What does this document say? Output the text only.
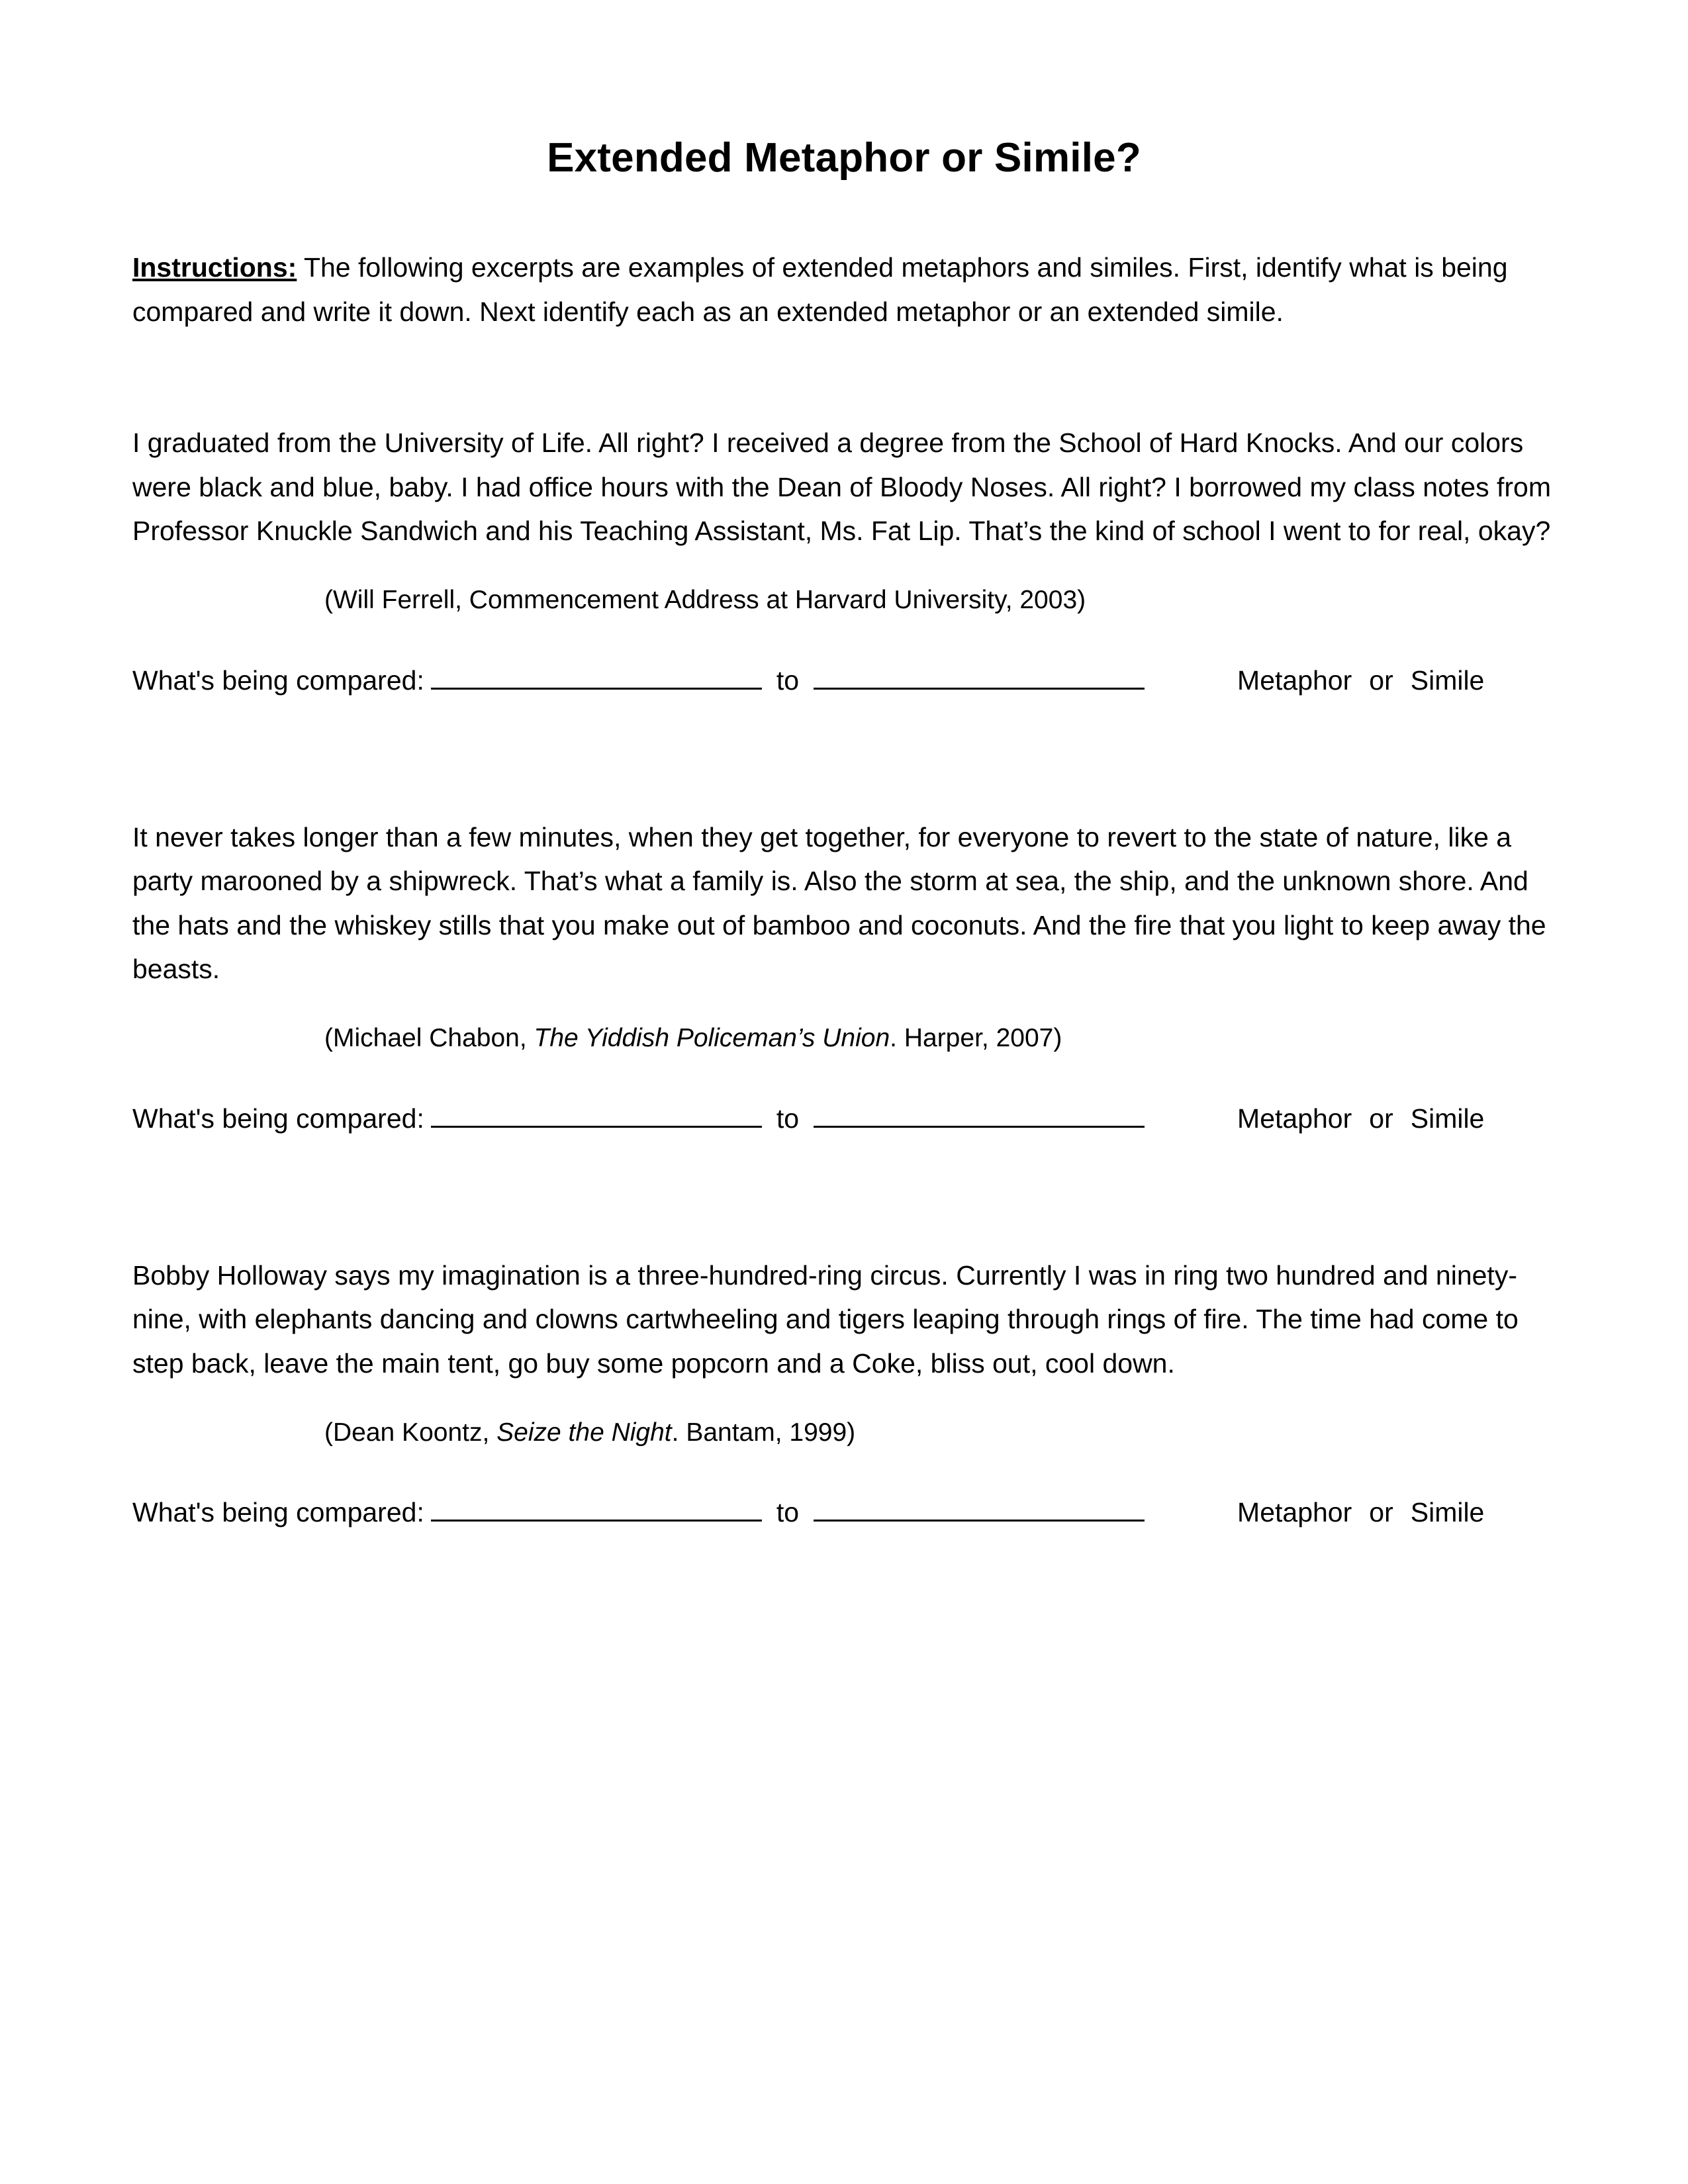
Extended Metaphor or Simile?

Instructions: The following excerpts are examples of extended metaphors and similes. First, identify what is being compared and write it down. Next identify each as an extended metaphor or an extended simile.

I graduated from the University of Life. All right? I received a degree from the School of Hard Knocks. And our colors were black and blue, baby. I had office hours with the Dean of Bloody Noses. All right? I borrowed my class notes from Professor Knuckle Sandwich and his Teaching Assistant, Ms. Fat Lip. That’s the kind of school I went to for real, okay?

(Will Ferrell, Commencement Address at Harvard University, 2003)

What's being compared:	to	Metaphor or Simile

It never takes longer than a few minutes, when they get together, for everyone to revert to the state of nature, like a party marooned by a shipwreck. That’s what a family is. Also the storm at sea, the ship, and the unknown shore. And the hats and the whiskey stills that you make out of bamboo and coconuts. And the fire that you light to keep away the beasts.

(Michael Chabon, The Yiddish Policeman’s Union. Harper, 2007)

What's being compared:	to	Metaphor or Simile

Bobby Holloway says my imagination is a three-hundred-ring circus. Currently I was in ring two hundred and ninety-nine, with elephants dancing and clowns cartwheeling and tigers leaping through rings of fire. The time had come to step back, leave the main tent, go buy some popcorn and a Coke, bliss out, cool down.

(Dean Koontz, Seize the Night. Bantam, 1999)

What's being compared:	to	Metaphor or Simile
